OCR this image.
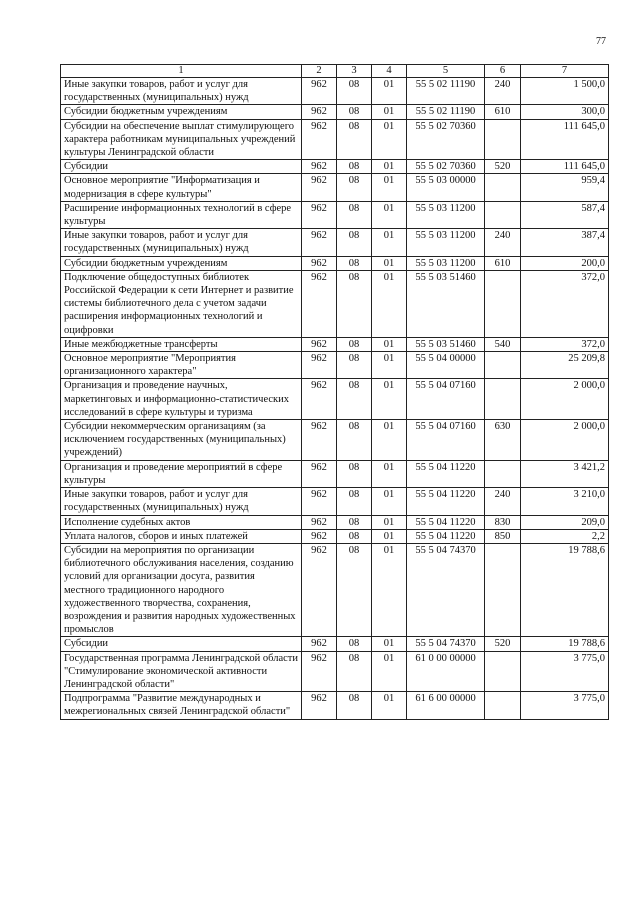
77
1	2	3	4	5	6	7
Иные закупки товаров, работ и услуг для государственных (муниципальных) нужд	962	08	01	55 5 02 11190	240	1 500,0
Субсидии бюджетным учреждениям	962	08	01	55 5 02 11190	610	300,0
Субсидии на обеспечение выплат стимулирующего характера работникам муниципальных учреждений культуры Ленинградской области	962	08	01	55 5 02 70360		111 645,0
Субсидии	962	08	01	55 5 02 70360	520	111 645,0
Основное мероприятие "Информатизация и модернизация в сфере культуры"	962	08	01	55 5 03 00000		959,4
Расширение информационных технологий в сфере культуры	962	08	01	55 5 03 11200		587,4
Иные закупки товаров, работ и услуг для государственных (муниципальных) нужд	962	08	01	55 5 03 11200	240	387,4
Субсидии бюджетным учреждениям	962	08	01	55 5 03 11200	610	200,0
Подключение общедоступных библиотек Российской Федерации к сети Интернет и развитие системы библиотечного дела с учетом задачи расширения информационных технологий и оцифровки	962	08	01	55 5 03 51460		372,0
Иные межбюджетные трансферты	962	08	01	55 5 03 51460	540	372,0
Основное мероприятие "Мероприятия организационного характера"	962	08	01	55 5 04 00000		25 209,8
Организация и проведение научных, маркетинговых и информационно-статистических исследований в сфере культуры и туризма	962	08	01	55 5 04 07160		2 000,0
Субсидии некоммерческим организациям (за исключением государственных (муниципальных) учреждений)	962	08	01	55 5 04 07160	630	2 000,0
Организация и проведение мероприятий в сфере культуры	962	08	01	55 5 04 11220		3 421,2
Иные закупки товаров, работ и услуг для государственных (муниципальных) нужд	962	08	01	55 5 04 11220	240	3 210,0
Исполнение судебных актов	962	08	01	55 5 04 11220	830	209,0
Уплата налогов, сборов и иных платежей	962	08	01	55 5 04 11220	850	2,2
Субсидии на мероприятия по организации библиотечного обслуживания населения, созданию условий для организации досуга, развития местного традиционного народного художественного творчества, сохранения, возрождения и развития народных художественных промыслов	962	08	01	55 5 04 74370		19 788,6
Субсидии	962	08	01	55 5 04 74370	520	19 788,6
Государственная программа Ленинградской области "Стимулирование экономической активности Ленинградской области"	962	08	01	61 0 00 00000		3 775,0
Подпрограмма "Развитие международных и межрегиональных связей Ленинградской области"	962	08	01	61 6 00 00000		3 775,0
